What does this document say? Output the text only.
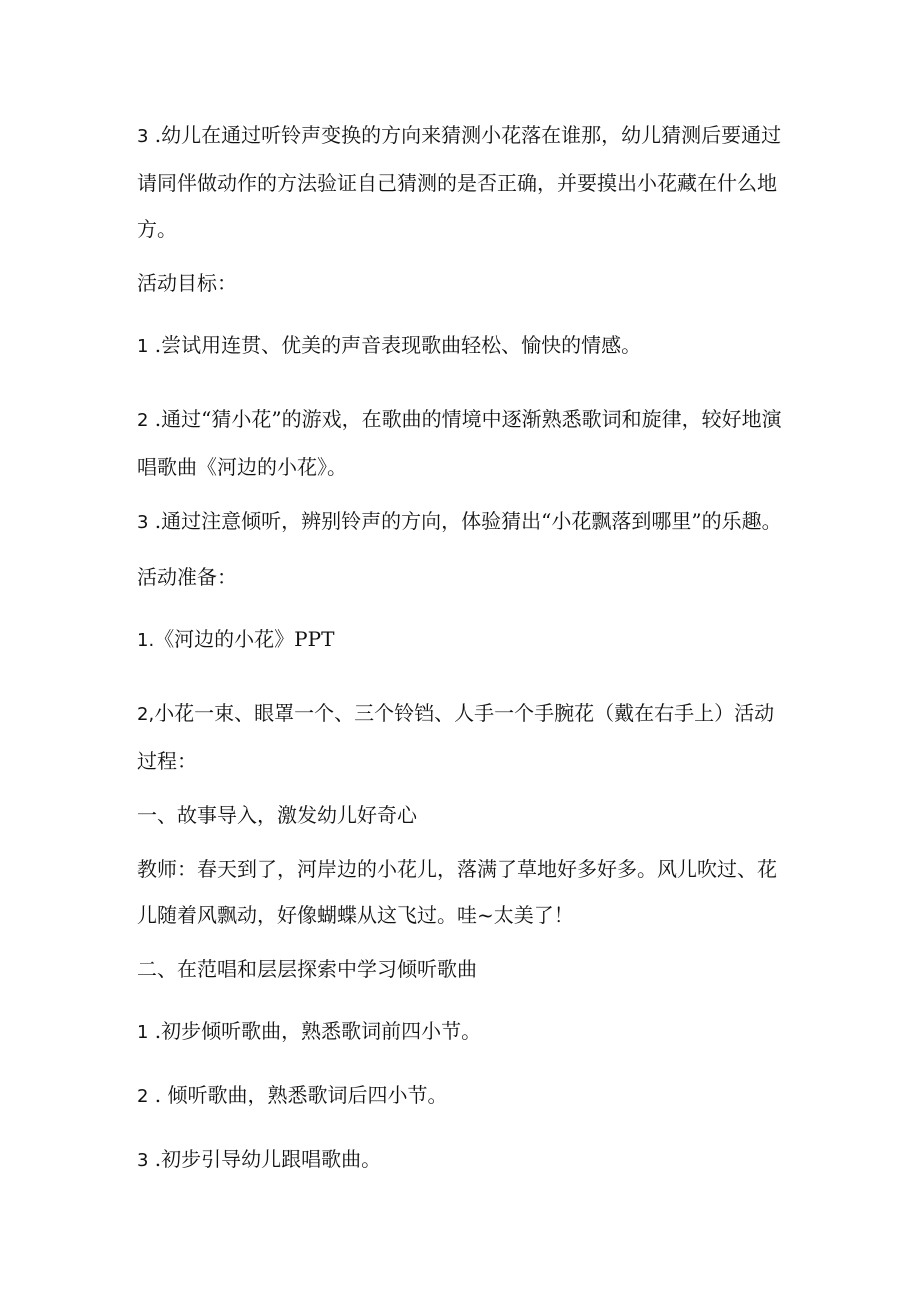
3 .幼儿在通过听铃声变换的方向来猜测小花落在谁那，幼儿猜测后要通过请同伴做动作的方法验证自己猜测的是否正确，并要摸出小花藏在什么地方。

活动目标：

1 .尝试用连贯、优美的声音表现歌曲轻松、愉快的情感。

2 .通过“猜小花”的游戏，在歌曲的情境中逐渐熟悉歌词和旋律，较好地演唱歌曲《河边的小花》。

3 .通过注意倾听，辨别铃声的方向，体验猜出“小花飘落到哪里”的乐趣。

活动准备：

1.《河边的小花》PPT

2,小花一束、眼罩一个、三个铃铛、人手一个手腕花（戴在右手上）活动过程：

一、故事导入，激发幼儿好奇心

教师：春天到了，河岸边的小花儿，落满了草地好多好多。风儿吹过、花儿随着风飘动，好像蝴蝶从这飞过。哇~太美了！

二、在范唱和层层探索中学习倾听歌曲

1 .初步倾听歌曲，熟悉歌词前四小节。

2 . 倾听歌曲，熟悉歌词后四小节。

3 .初步引导幼儿跟唱歌曲。
